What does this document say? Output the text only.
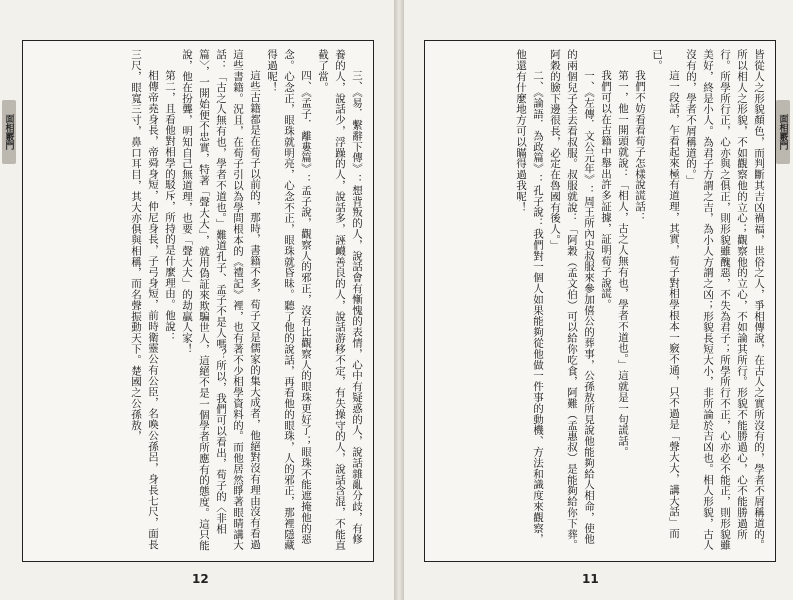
面相覈門	三、《易．繫辭下傳》：想背叛的人，說話會有慚愧的表情，心中有疑惑的人，說話雜亂分歧，有修養的人，說話少，浮躁的人，說話多，誣衊善良的人，說話游移不定，有失操守的人，說話含混，不能直截了當。

四、《孟子．離婁篇》：孟子說，觀察人的邪正，沒有比觀察人的眼珠更好了；眼珠不能遮掩他的惡念。心念正，眼珠就明亮，心念不正，眼珠就昏昧。聽了他的說話，再看他的眼珠，人的邪正，那裡隱藏得過呢！

這些古籍都是在荀子以前的，那時，書籍不多，荀子又是儒家的集大成者，他絕對沒有理由沒有看過這些書籍。況且，在荀子引以為學問根本的《禮記》裡，也有著不少相學資料的。而他居然睜著眼睛講大話：「古之人無有也，學者不道也。」難道孔子、孟子不是人嗎？所以，我們可以看出，荀子的〈非相篇〉，一開始便不忠實，特著「聲大大」，就用偽証來欺騙世人，這絕不是一個學者所應有的態度。這只能說，他在扮聾，明知自己無道理，也要「聲大大」的劫贏人家！

第二，且看他對相學的駁斥，所持的是什麼理由。他說：

相傳帝堯身長，帝舜身短，仲尼身長，子弓身短，前時衛靈公有公臣，名喚公孫呂，身長七尺，面長三尺，眼寬三寸，鼻口耳目，其大亦俱與相稱，而名聲振動天下。楚國之公孫敖，

12
面相覈門

皆從人之形貌顏色，而判斷其吉凶禍福，世俗之人，爭相傳說，在古人之實所沒有的，學者不屑稱道的。所以相人之形貌，不如觀察他的立心；觀察他的立心，不如論其所行。形貌不能勝過心，心不能勝過所行。所學所行正，心亦與之俱正，則形貌雖醜惡，不失為君子；所學所行不正，心亦必不能正，則形貌雖美好，終是小人。為君子方謂之吉，為小人方謂之凶；形貌長短大小，非所論於吉凶也。相人形貌，古人沒有的，學者不屑稱道的。」

這一段話，乍看起來極有道理，其實，荀子對相學根本一竅不通，只不過是「聲大大，講大話」而已。

我們不妨看看荀子怎樣說謊話：

第一，他一開頭就說：「相人，古之人無有也，學者不道也。」這就是一句謊話。

我們可以在古籍中舉出許多証據，証明荀子說謊。

一、《左傳．文公元年》：周王所內史叔服來參加僖公的葬事，公孫敖所見說他能夠給人相命，使他的兩個兒子全去看叔服。叔服就說：「阿穀（孟文伯）可以給你吃食，阿難（孟惠叔）是能夠給你下葬。阿穀的臉下邊很長，必定在魯國有後人。」

二、《論語．為政篇》：孔子說：我們對一個人如果能夠從他做一件事的動機、方法和識度來觀察，他還有什麼地方可以瞞得過我呢！

11
